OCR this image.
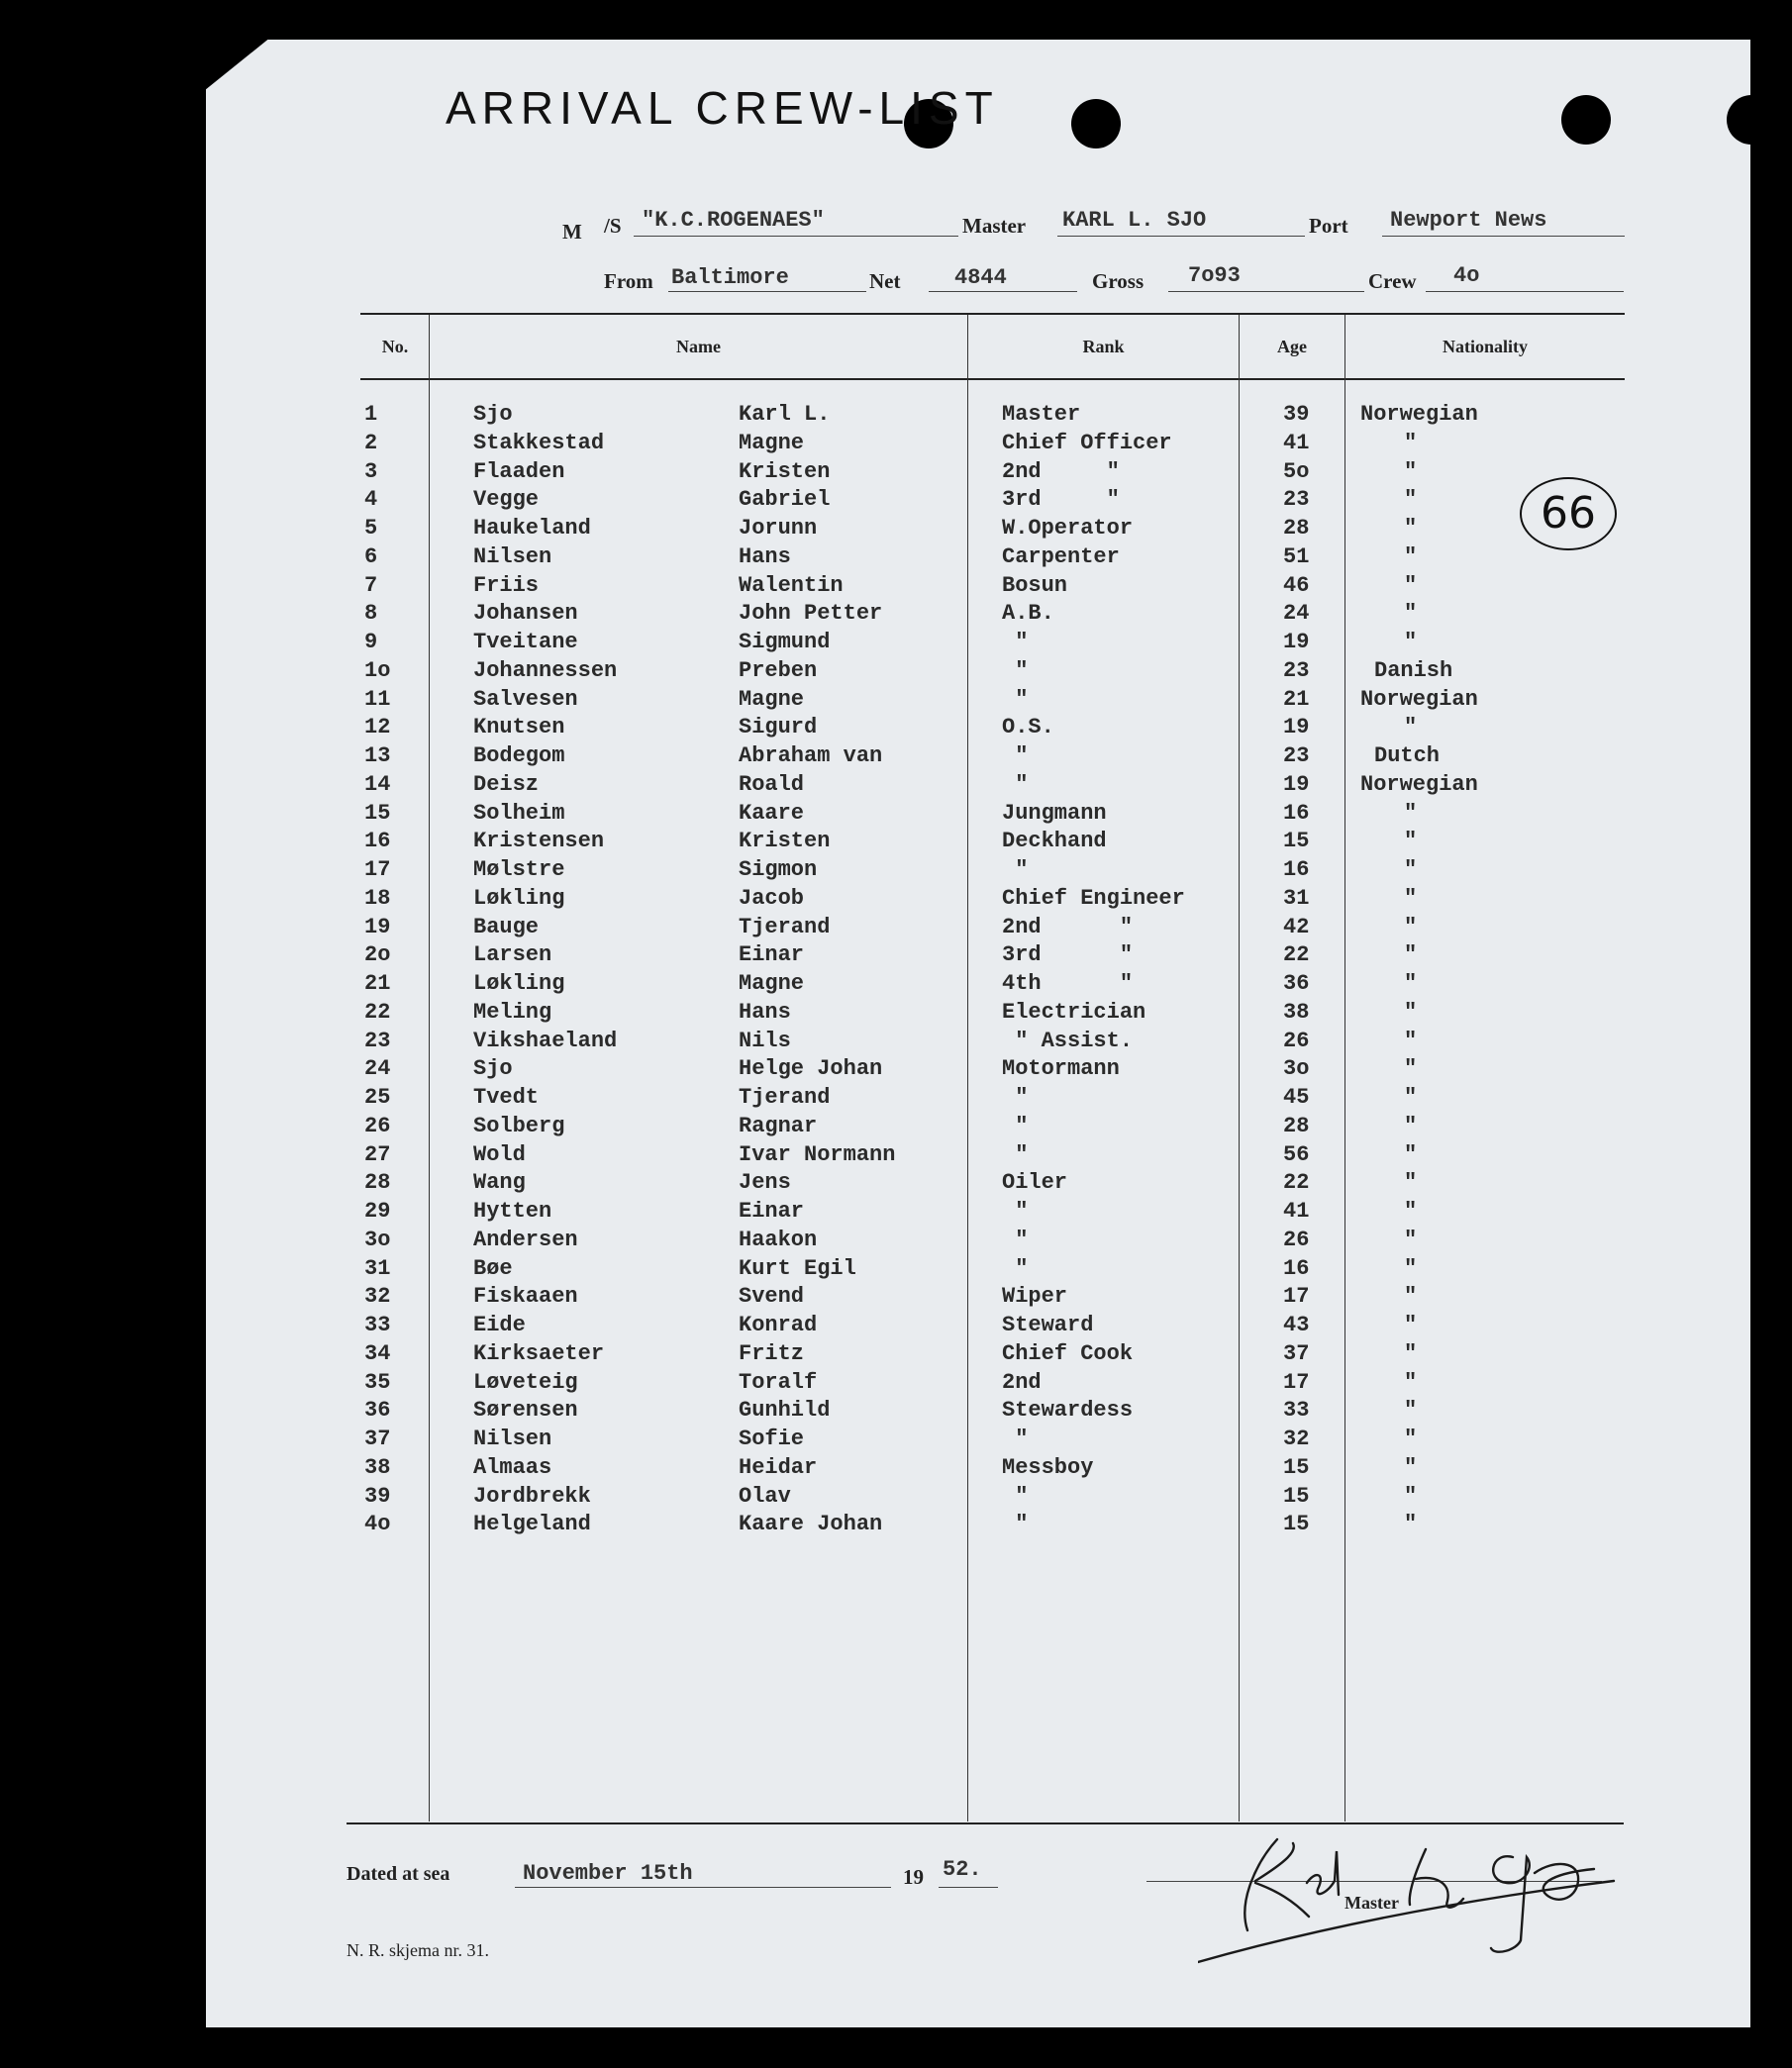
ARRIVAL CREW-LIST
M /S "K.C.ROGENAES"	Master KARL L. SJO	Port Newport News
From Baltimore	Net 4844	Gross 7o93	Crew 4o
No.	Name	Rank	Age	Nationality
1	Sjo	Karl L.	Master	39 Norwegian
2	Stakkestad	Magne	Chief Officer	41	"
3	Flaaden	Kristen	2nd     "	5o	"
4	Vegge	Gabriel	3rd     "	23	"
5	Haukeland	Jorunn	W.Operator	28	"
6	Nilsen	Hans	Carpenter	51	"
7	Friis	Walentin	Bosun	46	"
8	Johansen	John Petter	A.B.	24	"
9	Tveitane	Sigmund	"	19	"
1o	Johannessen	Preben	"	23	Danish
11	Salvesen	Magne	"	21 Norwegian
12	Knutsen	Sigurd	O.S.	19	"
13	Bodegom	Abraham van	"	23	Dutch
14	Deisz	Roald	"	19 Norwegian
15	Solheim	Kaare	Jungmann	16	"
16	Kristensen	Kristen	Deckhand	15	"
17	Mølstre	Sigmon	"	16	"
18	Løkling	Jacob	Chief Engineer	31	"
19	Bauge	Tjerand	2nd      "	42	"
2o	Larsen	Einar	3rd      "	22	"
21	Løkling	Magne	4th      "	36	"
22	Meling	Hans	Electrician	38	"
23	Vikshaeland	Nils	" Assist.	26	"
24	Sjo	Helge Johan	Motormann	3o	"
25	Tvedt	Tjerand	"	45	"
26	Solberg	Ragnar	"	28	"
27	Wold	Ivar Normann	"	56	"
28	Wang	Jens	Oiler	22	"
29	Hytten	Einar	"	41	"
3o	Andersen	Haakon	"	26	"
31	Bøe	Kurt Egil	"	16	"
32	Fiskaaen	Svend	Wiper	17	"
33	Eide	Konrad	Steward	43	"
34	Kirksaeter	Fritz	Chief Cook	37	"
35	Løveteig	Toralf	2nd	17	"
36	Sørensen	Gunhild	Stewardess	33	"
37	Nilsen	Sofie	"	32	"
38	Almaas	Heidar	Messboy	15	"
39	Jordbrekk	Olav	"	15	"
4o	Helgeland	Kaare Johan	"	15	"
66
Dated at sea	November 15th	19 52.
Master
N. R. skjema nr. 31.
